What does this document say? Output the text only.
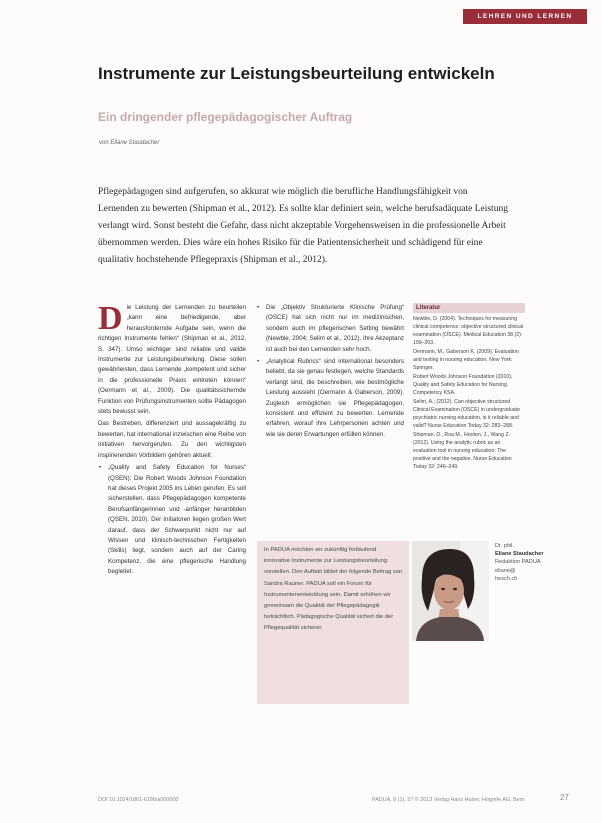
LEHREN UND LERNEN
Instrumente zur Leistungsbeurteilung entwickeln
Ein dringender pflegepädagogischer Auftrag
von Eliane Staudacher
Pflegepädagogen sind aufgerufen, so akkurat wie möglich die berufliche Handlungsfähigkeit von Lernenden zu bewerten (Shipman et al., 2012). Es sollte klar definiert sein, welche berufsadäquate Leistung verlangt wird. Sonst besteht die Gefahr, dass nicht akzeptable Vorgehensweisen in die professionelle Arbeit übernommen werden. Dies wäre ein hohes Risiko für die Patientensicherheit und schädigend für eine qualitativ hochstehende Pflegepraxis (Shipman et al., 2012).

Die Leistung der Lernenden zu beurteilen „kann eine befriedigende, aber herausfordernde Aufgabe sein, wenn die richtigen Instrumente fehlen“ (Shipman et al., 2012, S. 347). Umso wichtiger sind reliable und valide Instrumente zur Leistungsbeurteilung. Diese sollen gewährleisten, dass Lernende „kompetent und sicher in die professionelle Praxis eintreten können“ (Oermann et al., 2009). Die qualitätssichernde Funktion von Prüfungsinstrumenten sollte Pädagogen stets bewusst sein.

Das Bestreben, differenziert und aussagekräftig zu bewerten, hat international inzwischen eine Reihe von Initiativen hervorgerufen. Zu den wichtigsten inspirierenden Vorbildern gehören aktuell:

• „Quality and Safety Education for Nurses“ (QSEN): Die Robert Woods Johnson Foundation hat dieses Projekt 2005 ins Leben gerufen. Es soll sicherstellen, dass Pflegepädagogen kompetente Berufsanfängerinnen und -anfänger heranbilden (QSEN, 2010). Der Initiatoren liegen großen Wert darauf, dass der Schwerpunkt nicht nur auf Wissen und klinisch-technischen Fertigkeiten (Skills) liegt, sondern auch auf der Caring Kompetenz, die eine pflegerische Handlung begleitet.
• Die „Objektiv Strukturierte Klinische Prüfung“ (OSCE) hat sich nicht nur im medizinischen, sondern auch im pflegerischen Setting bewährt (Newble, 2004; Selim et al., 2012). Ihre Akzeptanz ist auch bei den Lernenden sehr hoch.
• „Analytical Rubrics“ sind international besonders beliebt, da sie genau festlegen, welche Standards verlangt sind, die beschreiben, wie bestmögliche Leistung aussieht (Oermann & Gaberson, 2009). Zugleich ermöglichen sie Pflegepädagogen, konsistent und effizient zu bewerten. Lernende erfahren, worauf ihre Lehrpersonen achten und wie sie deren Erwartungen erfüllen können.
Literatur
Newble, D. (2004). Techniques for measuring clinical competence: objective structured clinical examination (OSCE). Medical Education 38 (2): 199–203.
Oermann, M., Gaberson K. (2009). Evaluation and testing in nursing education. New York: Springer.
Robert Woods Johnson Foundation (2010). Quality and Safety Education for Nursing. Competency KSA.
Selim, A., (2012). Can objective structured Clinical Examination (OSCE) in undergraduate psychiatric nursing education, is it reliable and valid? Nurse Education Today 32: 283–288.
Shipman, D., Roa M., Hooten, J., Wang Z. (2012). Using the analytic rubric as an evaluation tool in nursing education: The positive and the negative. Nurse Education Today 32: 246–249.
In PADUA möchten wir zukünftig fortlaufend innovative Instrumente zur Leistungsbeurteilung vorstellen. Den Auftakt bildet der folgende Beitrag von Sandra Rauner. PADUA soll ein Forum für Instrumentenentwicklung sein. Damit erhöhen wir gemeinsam die Qualität der Pflegepädagogik beträchtlich. Pädagogische Qualität sichert die der Pflegequalität sicherer.
Dr. phil.
Eliane Staudacher
Redaktion PADUA
eliane@
hesch.ch
DOI 10.1024/1861-6186/a000000	PADUA, 8 (1), 27 © 2013 Verlag Hans Huber, Hogrefe AG, Bern	27
